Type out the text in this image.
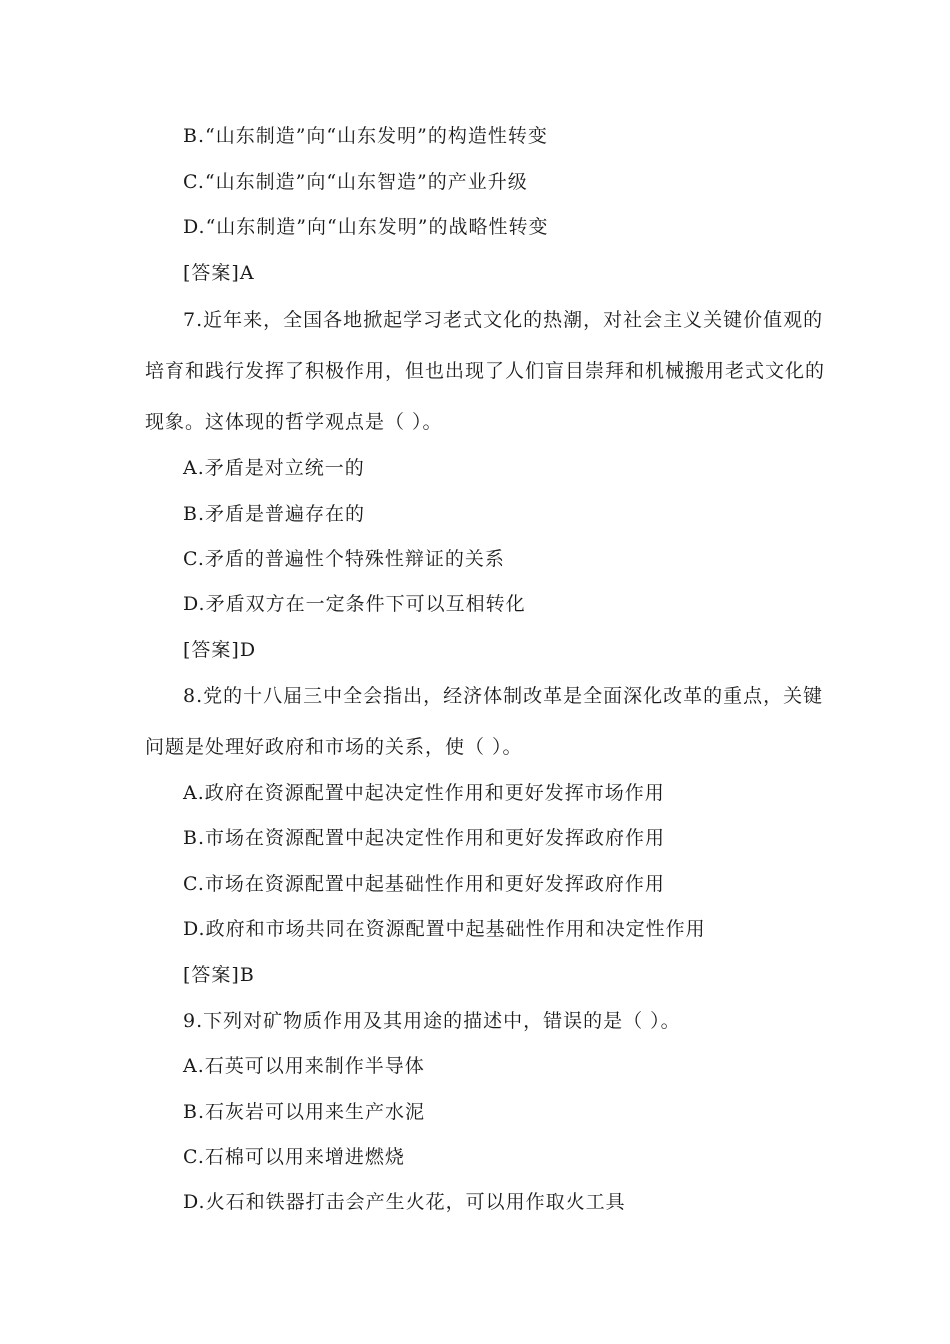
B.“山东制造”向“山东发明”的构造性转变
C.“山东制造”向“山东智造”的产业升级
D.“山东制造”向“山东发明”的战略性转变
[答案]A
7.近年来，全国各地掀起学习老式文化的热潮，对社会主义关键价值观的
培育和践行发挥了积极作用，但也出现了人们盲目崇拜和机械搬用老式文化的
现象。这体现的哲学观点是（ ）。
A.矛盾是对立统一的
B.矛盾是普遍存在的
C.矛盾的普遍性个特殊性辩证的关系
D.矛盾双方在一定条件下可以互相转化
[答案]D
8.党的十八届三中全会指出，经济体制改革是全面深化改革的重点，关键
问题是处理好政府和市场的关系，使（ ）。
A.政府在资源配置中起决定性作用和更好发挥市场作用
B.市场在资源配置中起决定性作用和更好发挥政府作用
C.市场在资源配置中起基础性作用和更好发挥政府作用
D.政府和市场共同在资源配置中起基础性作用和决定性作用
[答案]B
9.下列对矿物质作用及其用途的描述中，错误的是（ ）。
A.石英可以用来制作半导体
B.石灰岩可以用来生产水泥
C.石棉可以用来增进燃烧
D.火石和铁器打击会产生火花，可以用作取火工具
